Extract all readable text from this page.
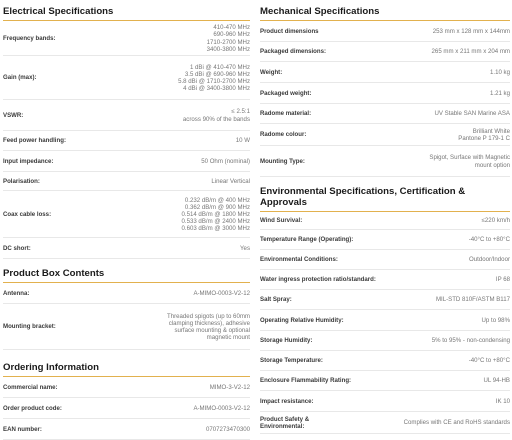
Electrical Specifications
Frequency bands:
410-470 MHz
690-960 MHz
1710-2700 MHz
3400-3800 MHz
Gain (max):
1 dBi @ 410-470 MHz
3.5 dBi @ 690-960 MHz
5.8 dBi @ 1710-2700 MHz
4 dBi @ 3400-3800 MHz
VSWR:
≤ 2.5:1
across 90% of the bands
Feed power handling:	10 W
Input impedance:	50 Ohm (nominal)
Polarisation:	Linear Vertical
Coax cable loss:
0.232 dB/m @ 400 MHz
0.362 dB/m @ 900 MHz
0.514 dB/m @ 1800 MHz
0.533 dB/m @ 2400 MHz
0.603 dB/m @ 3000 MHz
DC short:	Yes
Product Box Contents
Antenna:	A-MIMO-0003-V2-12
Mounting bracket:
Threaded spigots (up to 60mm
clamping thickness), adhesive
surface mounting & optional
magnetic mount
Ordering Information
Commercial name:	MIMO-3-V2-12
Order product code:	A-MIMO-0003-V2-12
EAN number:	0707273470300
Mechanical Specifications
Product dimensions	253 mm x 128 mm x 144mm
Packaged dimensions:	265 mm x 211 mm x 204 mm
Weight:	1.10 kg
Packaged weight:	1.21 kg
Radome material:	UV Stable SAN Marine ASA
Radome colour:
Brilliant White
Pantone P 179-1 C
Mounting Type:
Spigot, Surface with Magnetic
mount option
Environmental Specifications, Certification & Approvals
Wind Survival:	≤220 km/h
Temperature Range (Operating):	-40°C to +80°C
Environmental Conditions:	Outdoor/Indoor
Water ingress protection ratio/standard:	IP 68
Salt Spray:	MIL-STD 810F/ASTM B117
Operating Relative Humidity:	Up to 98%
Storage Humidity:	5% to 95% - non-condensing
Storage Temperature:	-40°C to +80°C
Enclosure Flammability Rating:	UL 94-HB
Impact resistance:	IK 10
Product Safety &
Environmental:
Complies with CE and RoHS standards
